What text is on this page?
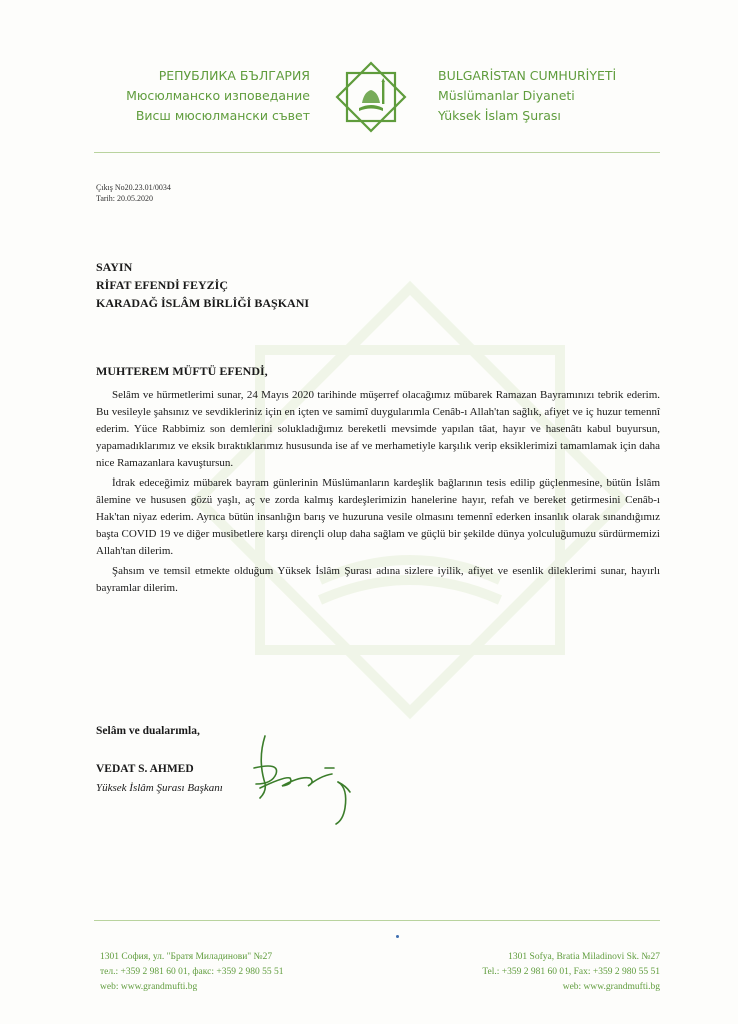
РЕПУБЛИКА БЪЛГАРИЯ
Мюсюлманско изповедание
Висш мюсюлмански съвет
BULGARİSTAN CUMHURİYETİ
Müslümanlar Diyaneti
Yüksek İslam Şurası
Çıkış No20.23.01/0034
Tarih: 20.05.2020
SAYIN
RİFAT EFENDİ FEYZİÇ
KARADAĞ İSLÂM BİRLİĞİ BAŞKANI
MUHTEREM MÜFTÜ EFENDİ,

Selâm ve hürmetlerimi sunar, 24 Mayıs 2020 tarihinde müşerref olacağımız mübarek Ramazan Bayramınızı tebrik ederim. Bu vesileyle şahsınız ve sevdikleriniz için en içten ve samimî duygularımla Cenâb-ı Allah'tan sağlık, afiyet ve iç huzur temennî ederim. Yüce Rabbimiz son demlerini solukladığımız bereketli mevsimde yapılan tâat, hayır ve hasenâtı kabul buyursun, yapamadıklarımız ve eksik bıraktıklarımız hususunda ise af ve merhametiyle karşılık verip eksiklerimizi tamamlamak için daha nice Ramazanlara kavuştursun.

İdrak edeceğimiz mübarek bayram günlerinin Müslümanların kardeşlik bağlarının tesis edilip güçlenmesine, bütün İslâm âlemine ve hususen gözü yaşlı, aç ve zorda kalmış kardeşlerimizin hanelerine hayır, refah ve bereket getirmesini Cenâb-ı Hak'tan niyaz ederim. Ayrıca bütün insanlığın barış ve huzuruna vesile olmasını temennî ederken insanlık olarak sınandığımız başta COVID 19 ve diğer musibetlere karşı dirençli olup daha sağlam ve güçlü bir şekilde dünya yolculuğumuzu sürdürmemizi Allah'tan dilerim.

Şahsım ve temsil etmekte olduğum Yüksek İslâm Şurası adına sizlere iyilik, afiyet ve esenlik dileklerimi sunar, hayırlı bayramlar dilerim.

Selâm ve dualarımla,
VEDAT S. AHMED
Yüksek İslâm Şurası Başkanı
1301 София, ул. "Братя Миладинови" №27
тел.: +359 2 981 60 01, факс: +359 2 980 55 51
web: www.grandmufti.bg
1301 Sofya, Bratia Miladinovi Sk. №27
Tel.: +359 2 981 60 01, Fax: +359 2 980 55 51
web: www.grandmufti.bg
